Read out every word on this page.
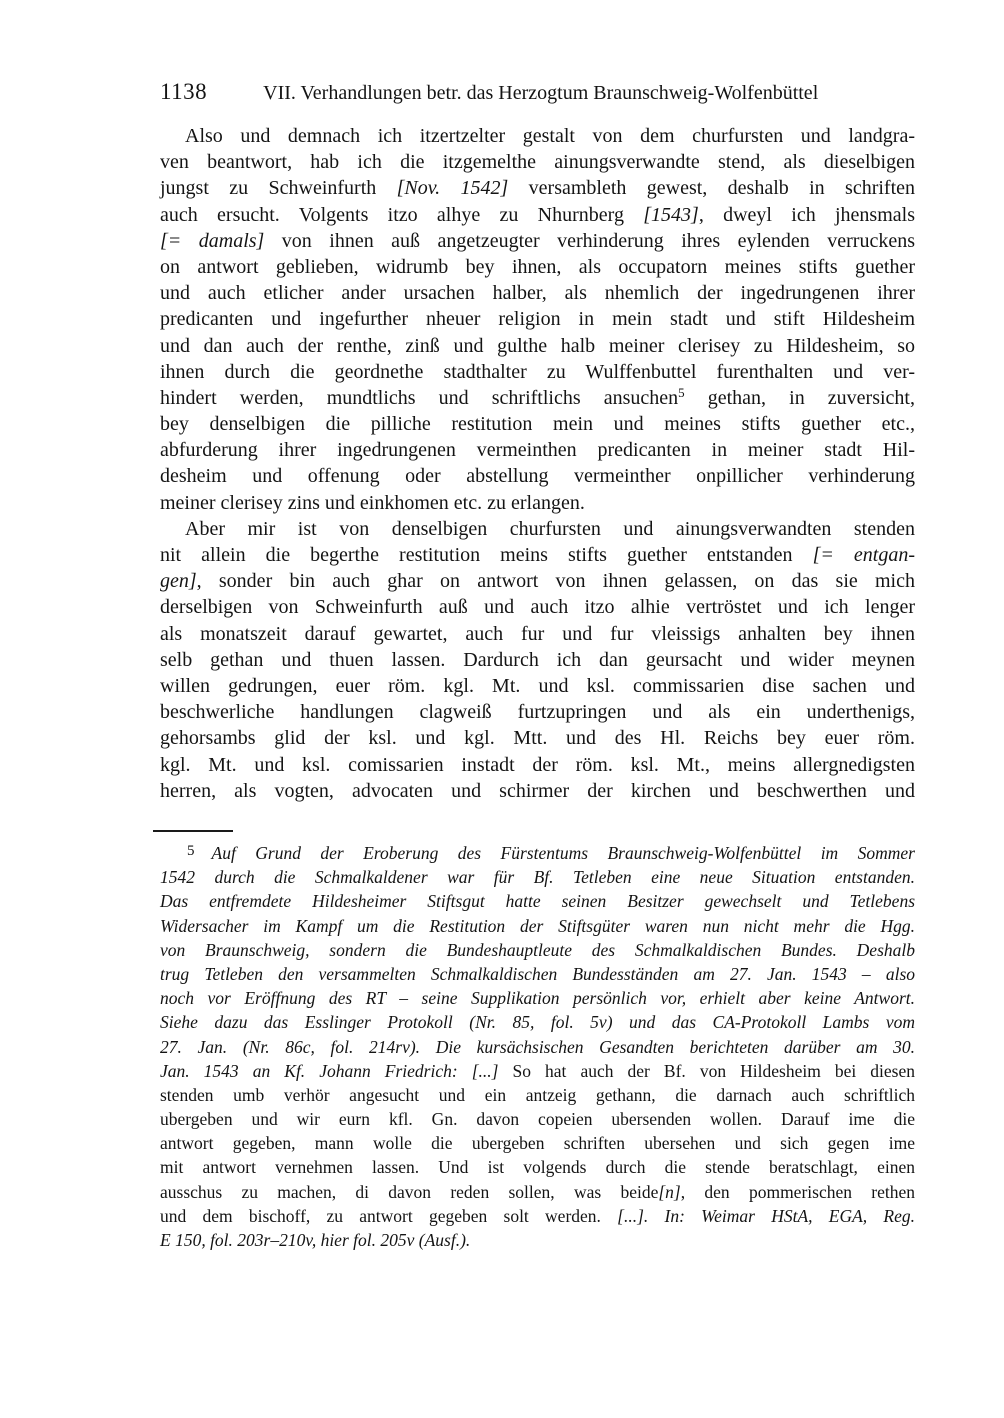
1138	VII. Verhandlungen betr. das Herzogtum Braunschweig-Wolfenbüttel
Also und demnach ich itzertzelter gestalt von dem churfursten und landgra-
ven beantwort, hab ich die itzgemelthe ainungsverwandte stend, als dieselbigen
jungst zu Schweinfurth [Nov. 1542] versambleth gewest, deshalb in schriften
auch ersucht. Volgents itzo alhye zu Nhurnberg [1543], dweyl ich jhensmals
[= damals] von ihnen auß angetzeugter verhinderung ihres eylenden verruckens
on antwort geblieben, widrumb bey ihnen, als occupatorn meines stifts guether
und auch etlicher ander ursachen halber, als nhemlich der ingedrungenen ihrer
predicanten und ingefurther nheuer religion in mein stadt und stift Hildesheim
und dan auch der renthe, zinß und gulthe halb meiner clerisey zu Hildesheim, so
ihnen durch die geordnethe stadthalter zu Wulffenbuttel furenthalten und ver-
hindert werden, mundtlichs und schriftlichs ansuchen$^5$ gethan, in zuversicht,
bey denselbigen die pilliche restitution mein und meines stifts guether etc.,
abfurderung ihrer ingedrungenen vermeinthen predicanten in meiner stadt Hil-
desheim und offenung oder abstellung vermeinther onpillicher verhinderung
meiner clerisey zins und einkhomen etc. zu erlangen.
Aber mir ist von denselbigen churfursten und ainungsverwandten stenden
nit allein die begerthe restitution meins stifts guether entstanden [= entgan-
gen], sonder bin auch ghar on antwort von ihnen gelassen, on das sie mich
derselbigen von Schweinfurth auß und auch itzo alhie vertröstet und ich lenger
als monatszeit darauf gewartet, auch fur und fur vleissigs anhalten bey ihnen
selb gethan und thuen lassen. Dardurch ich dan geursacht und wider meynen
willen gedrungen, euer röm. kgl. Mt. und ksl. commissarien dise sachen und
beschwerliche handlungen clagweiß furtzupringen und als ein underthenigs,
gehorsambs glid der ksl. und kgl. Mtt. und des Hl. Reichs bey euer röm.
kgl. Mt. und ksl. comissarien instadt der röm. ksl. Mt., meins allergnedigsten
herren, als vogten, advocaten und schirmer der kirchen und beschwerthen und
5 Auf Grund der Eroberung des Fürstentums Braunschweig-Wolfenbüttel im Sommer
1542 durch die Schmalkaldener war für Bf. Tetleben eine neue Situation entstanden.
Das entfremdete Hildesheimer Stiftsgut hatte seinen Besitzer gewechselt und Tetlebens
Widersacher im Kampf um die Restitution der Stiftsgüter waren nun nicht mehr die Hgg.
von Braunschweig, sondern die Bundeshauptleute des Schmalkaldischen Bundes. Deshalb
trug Tetleben den versammelten Schmalkaldischen Bundesständen am 27. Jan. 1543 – also
noch vor Eröffnung des RT – seine Supplikation persönlich vor, erhielt aber keine Antwort.
Siehe dazu das Esslinger Protokoll (Nr. 85, fol. 5v) und das CA-Protokoll Lambs vom
27. Jan. (Nr. 86c, fol. 214rv). Die kursächsischen Gesandten berichteten darüber am 30.
Jan. 1543 an Kf. Johann Friedrich: [...] So hat auch der Bf. von Hildesheim bei diesen
stenden umb verhör angesucht und ein antzeig gethann, die darnach auch schriftlich
ubergeben und wir eurn kfl. Gn. davon copeien ubersenden wollen. Darauf ime die
antwort gegeben, mann wolle die ubergeben schriften ubersehen und sich gegen ime
mit antwort vernehmen lassen. Und ist volgends durch die stende beratschlagt, einen
ausschus zu machen, di davon reden sollen, was beide[n], den pommerischen rethen
und dem bischoff, zu antwort gegeben solt werden. [...]. In: Weimar HStA, EGA, Reg.
E 150, fol. 203r–210v, hier fol. 205v (Ausf.).
